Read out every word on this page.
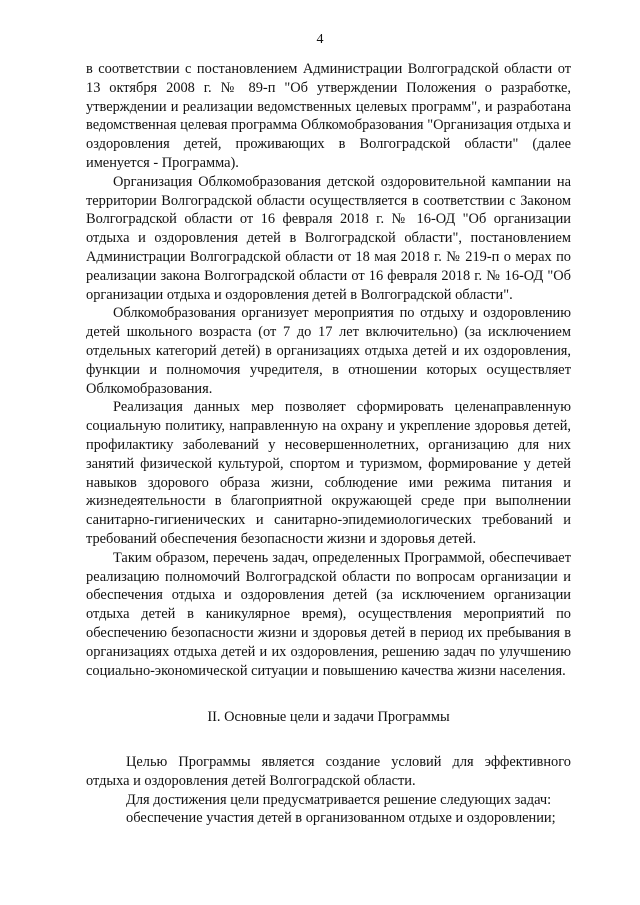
4

в соответствии с постановлением Администрации Волгоградской области от 13 октября 2008 г. № 89-п "Об утверждении Положения о разработке, утверждении и реализации ведомственных целевых программ", и разработана ведомственная целевая программа Облкомобразования "Организация отдыха и оздоровления детей, проживающих в Волгоградской области" (далее именуется - Программа).

Организация Облкомобразования детской оздоровительной кампании на территории Волгоградской области осуществляется в соответствии с Законом Волгоградской области от 16 февраля 2018 г. № 16-ОД "Об организации отдыха и оздоровления детей в Волгоградской области", постановлением Администрации Волгоградской области от 18 мая 2018 г. № 219-п о мерах по реализации закона Волгоградской области от 16 февраля 2018 г. № 16-ОД "Об организации отдыха и оздоровления детей в Волгоградской области".

Облкомобразования организует мероприятия по отдыху и оздоровлению детей школьного возраста (от 7 до 17 лет включительно) (за исключением отдельных категорий детей) в организациях отдыха детей и их оздоровления, функции и полномочия учредителя, в отношении которых осуществляет Облкомобразования.

Реализация данных мер позволяет сформировать целенаправленную социальную политику, направленную на охрану и укрепление здоровья детей, профилактику заболеваний у несовершеннолетних, организацию для них занятий физической культурой, спортом и туризмом, формирование у детей навыков здорового образа жизни, соблюдение ими режима питания и жизнедеятельности в благоприятной окружающей среде при выполнении санитарно-гигиенических и санитарно-эпидемиологических требований и требований обеспечения безопасности жизни и здоровья детей.

Таким образом, перечень задач, определенных Программой, обеспечивает реализацию полномочий Волгоградской области по вопросам организации и обеспечения отдыха и оздоровления детей (за исключением организации отдыха детей в каникулярное время), осуществления мероприятий по обеспечению безопасности жизни и здоровья детей в период их пребывания в организациях отдыха детей и их оздоровления, решению задач по улучшению социально-экономической ситуации и повышению качества жизни населения.

II. Основные цели и задачи Программы

Целью Программы является создание условий для эффективного отдыха и оздоровления детей Волгоградской области.

Для достижения цели предусматривается решение следующих задач:

обеспечение участия детей в организованном отдыхе и оздоровлении;
